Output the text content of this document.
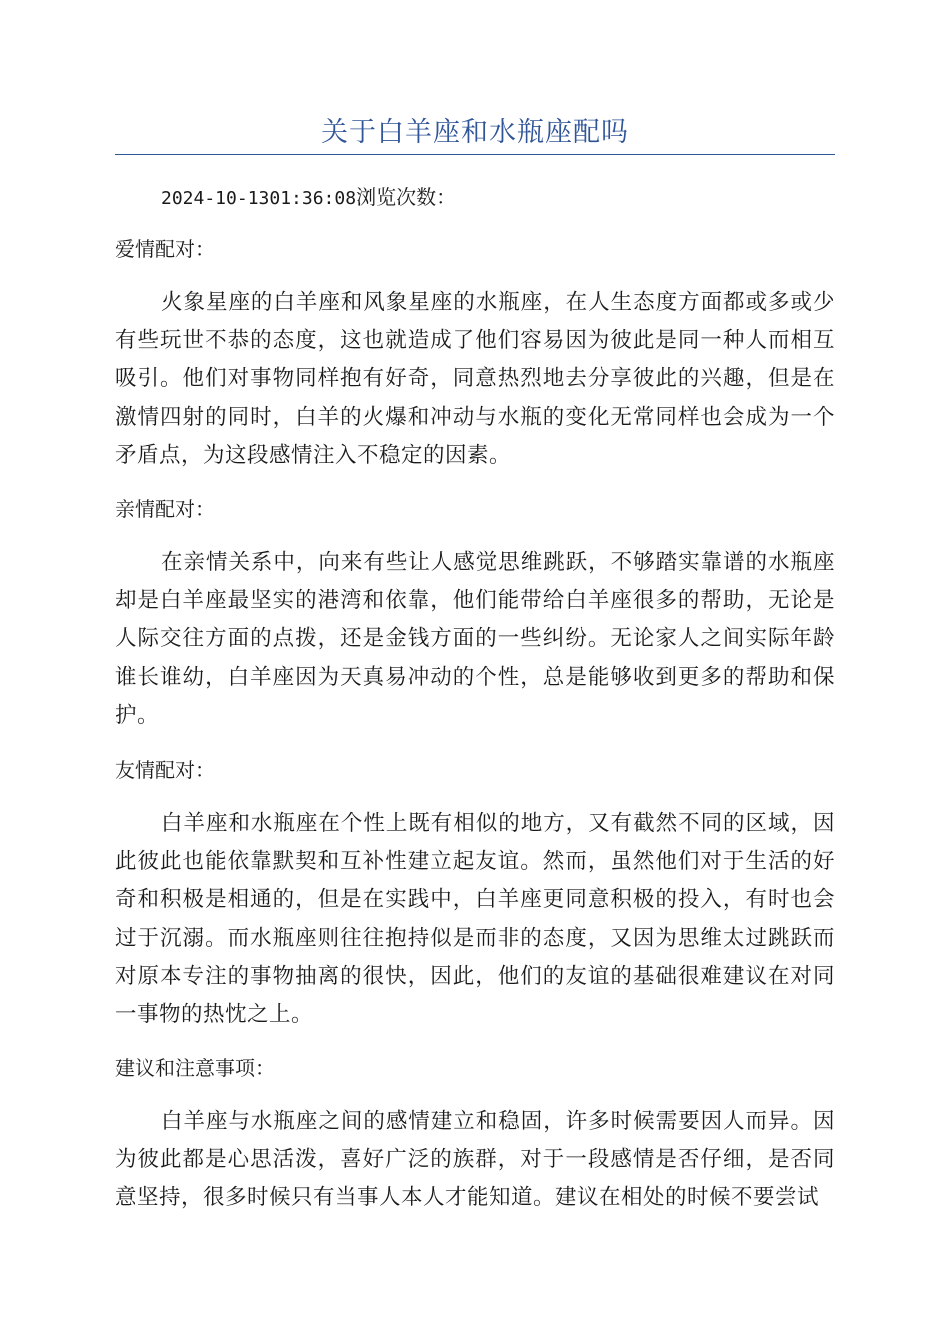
关于白羊座和水瓶座配吗
2024-10-1301:36:08浏览次数：
爱情配对：
火象星座的白羊座和风象星座的水瓶座，在人生态度方面都或多或少有些玩世不恭的态度，这也就造成了他们容易因为彼此是同一种人而相互吸引。他们对事物同样抱有好奇，同意热烈地去分享彼此的兴趣，但是在激情四射的同时，白羊的火爆和冲动与水瓶的变化无常同样也会成为一个矛盾点，为这段感情注入不稳定的因素。
亲情配对：
在亲情关系中，向来有些让人感觉思维跳跃，不够踏实靠谱的水瓶座却是白羊座最坚实的港湾和依靠，他们能带给白羊座很多的帮助，无论是人际交往方面的点拨，还是金钱方面的一些纠纷。无论家人之间实际年龄谁长谁幼，白羊座因为天真易冲动的个性，总是能够收到更多的帮助和保护。
友情配对：
白羊座和水瓶座在个性上既有相似的地方，又有截然不同的区域，因此彼此也能依靠默契和互补性建立起友谊。然而，虽然他们对于生活的好奇和积极是相通的，但是在实践中，白羊座更同意积极的投入，有时也会过于沉溺。而水瓶座则往往抱持似是而非的态度，又因为思维太过跳跃而对原本专注的事物抽离的很快，因此，他们的友谊的基础很难建议在对同一事物的热忱之上。
建议和注意事项：
白羊座与水瓶座之间的感情建立和稳固，许多时候需要因人而异。因为彼此都是心思活泼，喜好广泛的族群，对于一段感情是否仔细，是否同意坚持，很多时候只有当事人本人才能知道。建议在相处的时候不要尝试
